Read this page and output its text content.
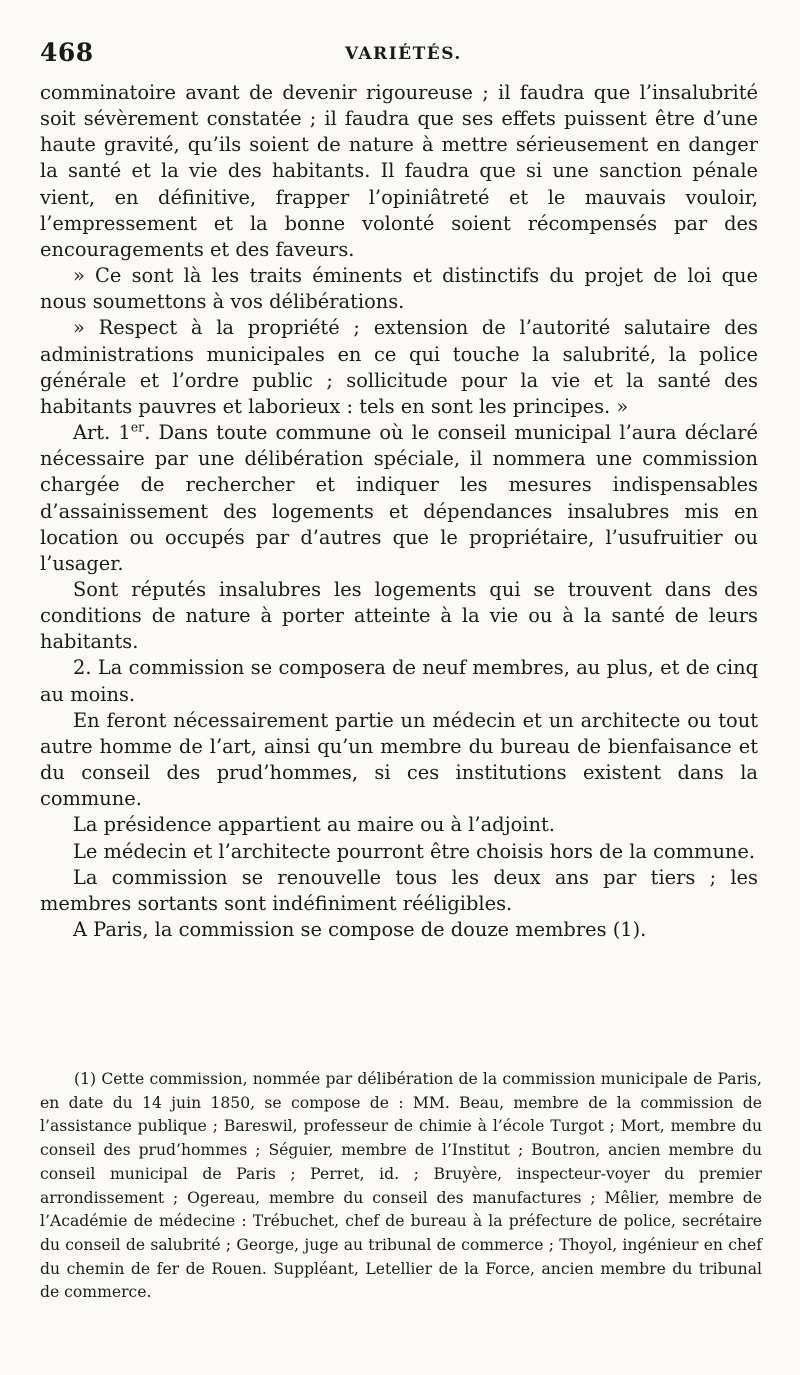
468	VARIÉTÉS.

comminatoire avant de devenir rigoureuse ; il faudra que l’insalubrité soit sévèrement constatée ; il faudra que ses effets puissent être d’une haute gravité, qu’ils soient de nature à mettre sérieusement en danger la santé et la vie des habitants. Il faudra que si une sanction pénale vient, en définitive, frapper l’opiniâtreté et le mauvais vouloir, l’empressement et la bonne volonté soient récompensés par des encouragements et des faveurs.

» Ce sont là les traits éminents et distinctifs du projet de loi que nous soumettons à vos délibérations.

» Respect à la propriété ; extension de l’autorité salutaire des administrations municipales en ce qui touche la salubrité, la police générale et l’ordre public ; sollicitude pour la vie et la santé des habitants pauvres et laborieux : tels en sont les principes. »

Art. 1er. Dans toute commune où le conseil municipal l’aura déclaré nécessaire par une délibération spéciale, il nommera une commission chargée de rechercher et indiquer les mesures indispensables d’assainissement des logements et dépendances insalubres mis en location ou occupés par d’autres que le propriétaire, l’usufruitier ou l’usager.

Sont réputés insalubres les logements qui se trouvent dans des conditions de nature à porter atteinte à la vie ou à la santé de leurs habitants.

2. La commission se composera de neuf membres, au plus, et de cinq au moins.

En feront nécessairement partie un médecin et un architecte ou tout autre homme de l’art, ainsi qu’un membre du bureau de bienfaisance et du conseil des prud’hommes, si ces institutions existent dans la commune.

La présidence appartient au maire ou à l’adjoint.

Le médecin et l’architecte pourront être choisis hors de la commune.

La commission se renouvelle tous les deux ans par tiers ; les membres sortants sont indéfiniment rééligibles.

A Paris, la commission se compose de douze membres (1).

(1) Cette commission, nommée par délibération de la commission municipale de Paris, en date du 14 juin 1850, se compose de : MM. Beau, membre de la commission de l’assistance publique ; Bareswil, professeur de chimie à l’école Turgot ; Mort, membre du conseil des prud’hommes ; Séguier, membre de l’Institut ; Boutron, ancien membre du conseil municipal de Paris ; Perret, id. ; Bruyère, inspecteur-voyer du premier arrondissement ; Ogereau, membre du conseil des manufactures ; Mêlier, membre de l’Académie de médecine : Trébuchet, chef de bureau à la préfecture de police, secrétaire du conseil de salubrité ; George, juge au tribunal de commerce ; Thoyol, ingénieur en chef du chemin de fer de Rouen. Suppléant, Letellier de la Force, ancien membre du tribunal de commerce.
